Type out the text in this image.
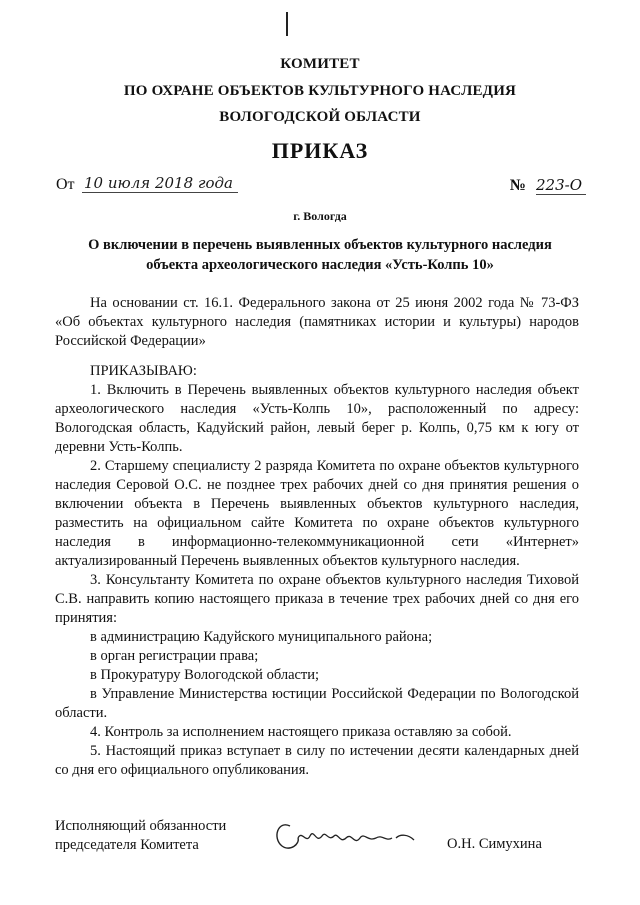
КОМИТЕТ
ПО ОХРАНЕ ОБЪЕКТОВ КУЛЬТУРНОГО НАСЛЕДИЯ
ВОЛОГОДСКОЙ ОБЛАСТИ
ПРИКАЗ
От 10 июля 2018 года	№ 223-О
г. Вологда
О включении в перечень выявленных объектов культурного наследия объекта археологического наследия «Усть-Колпь 10»
На основании ст. 16.1. Федерального закона от 25 июня 2002 года № 73-ФЗ «Об объектах культурного наследия (памятниках истории и культуры) народов Российской Федерации»
ПРИКАЗЫВАЮ:

1. Включить в Перечень выявленных объектов культурного наследия объект археологического наследия «Усть-Колпь 10», расположенный по адресу: Вологодская область, Кадуйский район, левый берег р. Колпь, 0,75 км к югу от деревни Усть-Колпь.

2. Старшему специалисту 2 разряда Комитета по охране объектов культурного наследия Серовой О.С. не позднее трех рабочих дней со дня принятия решения о включении объекта в Перечень выявленных объектов культурного наследия, разместить на официальном сайте Комитета по охране объектов культурного наследия в информационно-телекоммуникационной сети «Интернет» актуализированный Перечень выявленных объектов культурного наследия.

3. Консультанту Комитета по охране объектов культурного наследия Тиховой С.В. направить копию настоящего приказа в течение трех рабочих дней со дня его принятия:

в администрацию Кадуйского муниципального района;

в орган регистрации права;

в Прокуратуру Вологодской области;

в Управление Министерства юстиции Российской Федерации по Вологодской области.

4. Контроль за исполнением настоящего приказа оставляю за собой.

5. Настоящий приказ вступает в силу по истечении десяти календарных дней со дня его официального опубликования.

Исполняющий обязанности
председателя Комитета	О.Н. Симухина
